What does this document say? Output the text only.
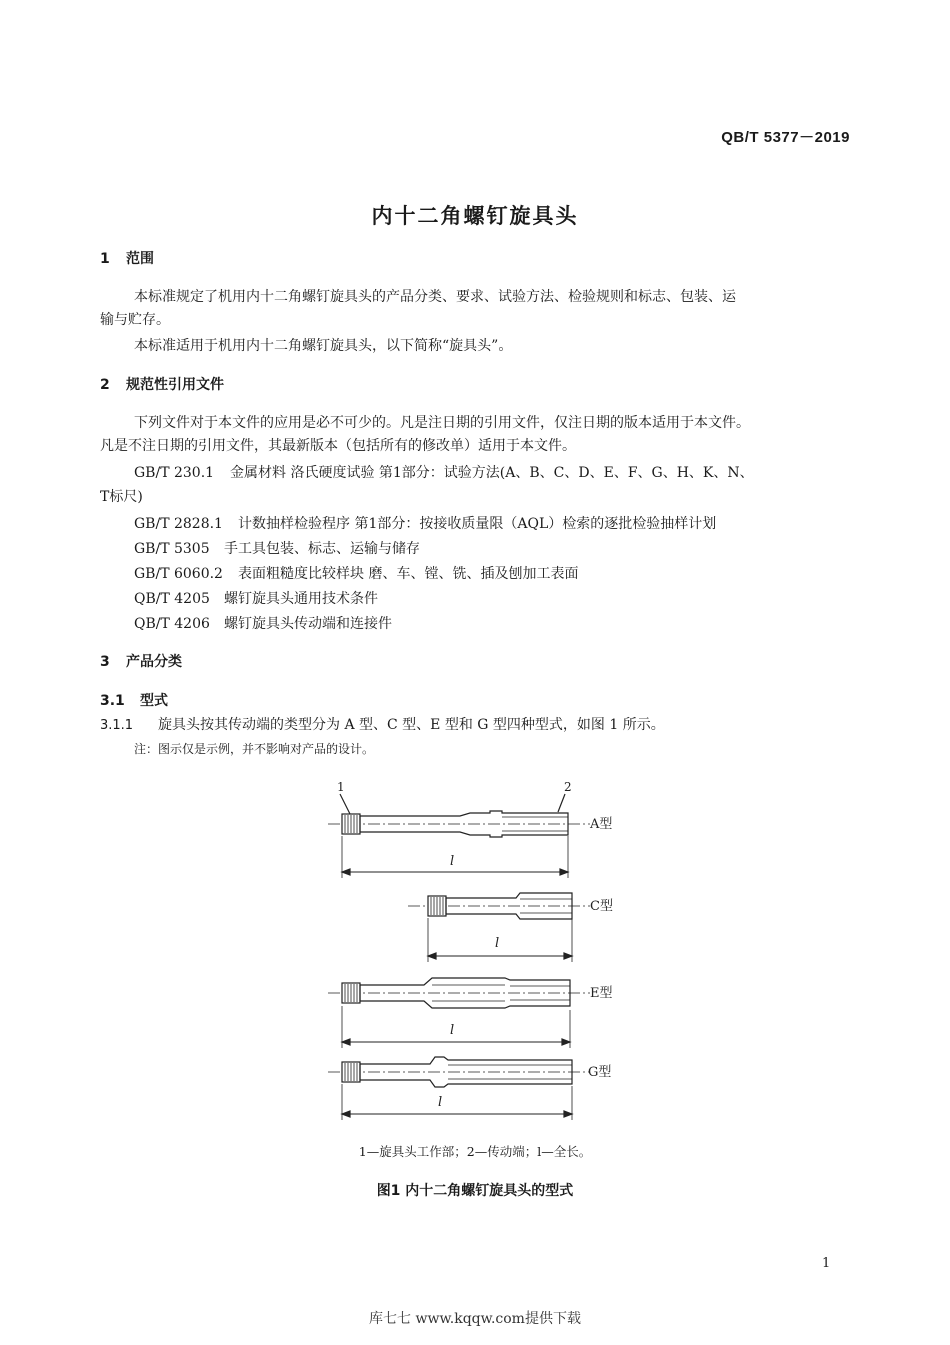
QB/T 5377－2019
内十二角螺钉旋具头
1 范围
本标准规定了机用内十二角螺钉旋具头的产品分类、要求、试验方法、检验规则和标志、包装、运
输与贮存。
本标准适用于机用内十二角螺钉旋具头，以下简称“旋具头”。
2 规范性引用文件
下列文件对于本文件的应用是必不可少的。凡是注日期的引用文件，仅注日期的版本适用于本文件。
凡是不注日期的引用文件，其最新版本（包括所有的修改单）适用于本文件。
GB/T 230.1 金属材料 洛氏硬度试验 第1部分：试验方法(A、B、C、D、E、F、G、H、K、N、
T标尺)
GB/T 2828.1 计数抽样检验程序 第1部分：按接收质量限（AQL）检索的逐批检验抽样计划
GB/T 5305 手工具包装、标志、运输与储存
GB/T 6060.2 表面粗糙度比较样块 磨、车、镗、铣、插及刨加工表面
QB/T 4205 螺钉旋具头通用技术条件
QB/T 4206 螺钉旋具头传动端和连接件
3 产品分类
3.1 型式
3.1.1 旋具头按其传动端的类型分为 A 型、C 型、E 型和 G 型四种型式，如图 1 所示。
注：图示仅是示例，并不影响对产品的设计。
1	2
l
A型
l
C型
l
E型
l
G型
1—旋具头工作部；2—传动端；l—全长。
图1 内十二角螺钉旋具头的型式
1
库七七 www.kqqw.com提供下载
